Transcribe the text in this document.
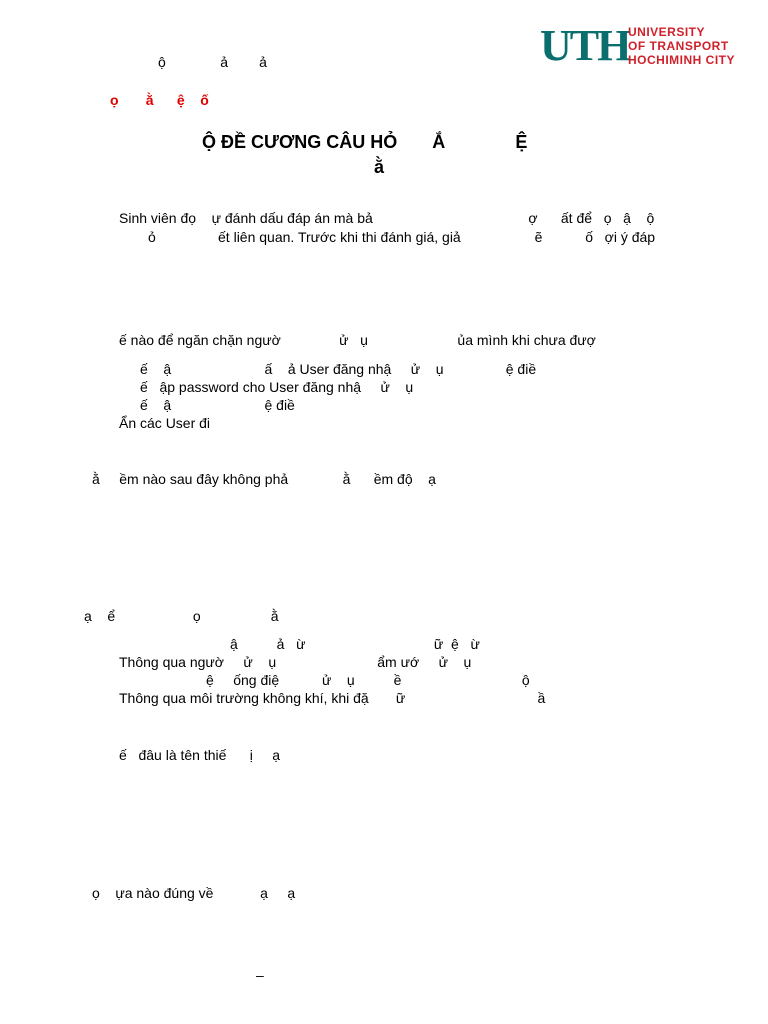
UTH
UNIVERSITY
OF TRANSPORT
HOCHIMINH CITY
ộ              ả        ả
ọ       ằ      ệ    ố
Ộ ĐỀ CƯƠNG CÂU HỎ       Ắ              Ệ
ằ
Sinh viên đọ    ự đánh dấu đáp án mà bả                                        ợ      ất để   ọ   ậ    ộ
ỏ                ết liên quan. Trước khi thi đánh giá, giả                   ẽ           ố   ợi ý đáp
ế nào để ngăn chặn ngườ               ử   ụ                       ủa mình khi chưa đượ
ế    ậ                        ấ    ả User đăng nhậ     ử    ụ                ệ điề
ế   ập password cho User đăng nhậ     ử    ụ
ế    ậ                        ệ điề
Ẩn các User đi
ằ     ềm nào sau đây không phả              ằ      ềm độ    ạ
ạ    ể                    ọ                  ằ
ậ          ả   ừ                                 ữ  ệ   ừ
Thông qua ngườ     ử    ụ                          ẩm ướ     ử    ụ
ệ     ống điệ           ử    ụ          ề                               ộ
Thông qua môi trường không khí, khi đặ       ữ                                  ầ
ế   đâu là tên thiế      ị     ạ
ọ    ựa nào đúng về            ạ     ạ
–
